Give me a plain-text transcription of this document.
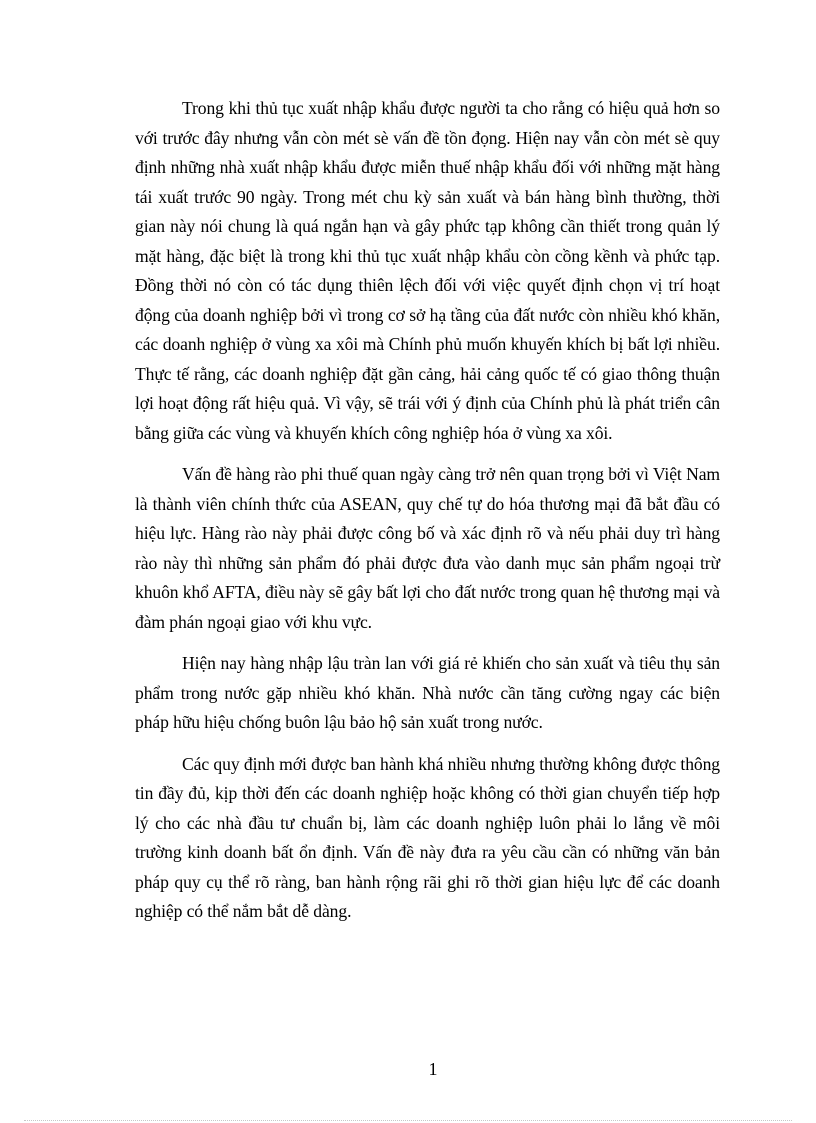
Trong khi thủ tục xuất nhập khẩu được người ta cho rằng có hiệu quả hơn so với trước đây nhưng vẫn còn mét sè vấn đề tồn đọng. Hiện nay vẫn còn mét sè quy định những nhà xuất nhập khẩu được miễn thuế nhập khẩu đối với những mặt hàng tái xuất trước 90 ngày. Trong mét chu kỳ sản xuất và bán hàng bình thường, thời gian này nói chung là quá ngắn hạn và gây phức tạp không cần thiết trong quản lý mặt hàng, đặc biệt là trong khi thủ tục xuất nhập khẩu còn cồng kềnh và phức tạp. Đồng thời nó còn có tác dụng thiên lệch đối với việc quyết định chọn vị trí hoạt động của doanh nghiệp bởi vì trong cơ sở hạ tầng của đất nước còn nhiều khó khăn, các doanh nghiệp ở vùng xa xôi mà Chính phủ muốn khuyến khích bị bất lợi nhiều. Thực tế rằng, các doanh nghiệp đặt gần cảng, hải cảng quốc tế có giao thông thuận lợi hoạt động rất hiệu quả. Vì vậy, sẽ trái với ý định của Chính phủ là phát triển cân bằng giữa các vùng và khuyến khích công nghiệp hóa ở vùng xa xôi.

Vấn đề hàng rào phi thuế quan ngày càng trở nên quan trọng bởi vì Việt Nam là thành viên chính thức của ASEAN, quy chế tự do hóa thương mại đã bắt đầu có hiệu lực. Hàng rào này phải được công bố và xác định rõ và nếu phải duy trì hàng rào này thì những sản phẩm đó phải được đưa vào danh mục sản phẩm ngoại trừ khuôn khổ AFTA, điều này sẽ gây bất lợi cho đất nước trong quan hệ thương mại và đàm phán ngoại giao với khu vực.

Hiện nay hàng nhập lậu tràn lan với giá rẻ khiến cho sản xuất và tiêu thụ sản phẩm trong nước gặp nhiều khó khăn. Nhà nước cần tăng cường ngay các biện pháp hữu hiệu chống buôn lậu bảo hộ sản xuất trong nước.

Các quy định mới được ban hành khá nhiều nhưng thường không được thông tin đầy đủ, kịp thời đến các doanh nghiệp hoặc không có thời gian chuyển tiếp hợp lý cho các nhà đầu tư chuẩn bị, làm các doanh nghiệp luôn phải lo lắng về môi trường kinh doanh bất ổn định. Vấn đề này đưa ra yêu cầu cần có những văn bản pháp quy cụ thể rõ ràng, ban hành rộng rãi ghi rõ thời gian hiệu lực để các doanh nghiệp có thể nắm bắt dễ dàng.

1
